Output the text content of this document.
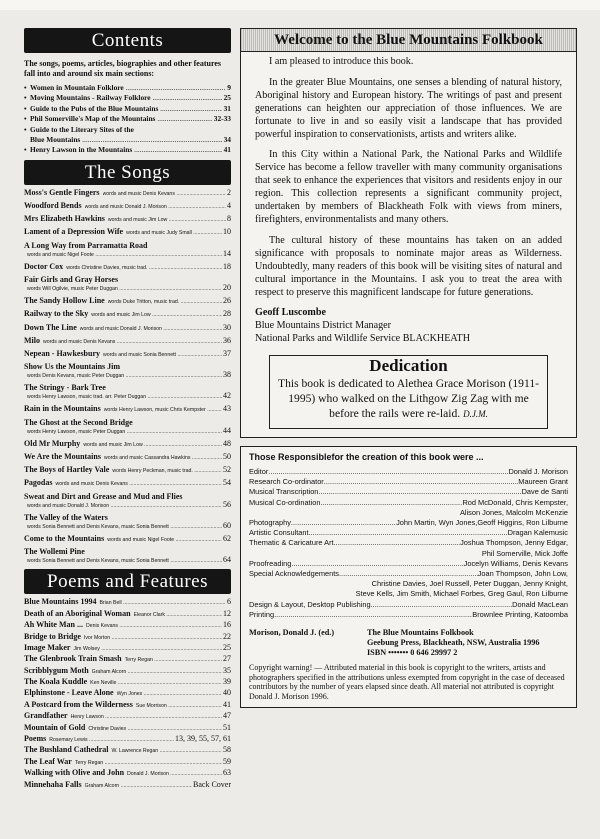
Contents
The songs, poems, articles, biographies and other features fall into and around six main sections:
• Women in Mountain Folklore .....	9
• Moving Mountains - Railway Folklore .....	25
• Guide to the Pubs of the Blue Mountains .....	31
• Phil Somerville's Map of the Mountains .....	32-33
• Guide to the Literary Sites of the
Blue Mountains .....	34
• Henry Lawson in the Mountains .....	41
The Songs
Moss's Gentle Fingers words and music Denis Kevans .....	2
Woodford Bends words and music Donald J. Morison .....	4
Mrs Elizabeth Hawkins words and music Jim Low .....	8
Lament of a Depression Wife words and music Judy Small .....	10
A Long Way from Parramatta Road
words and music Nigel Foote .....	14
Doctor Cox words Christine Davies, music trad. .....	18
Fair Girls and Gray Horses
words Will Ogilvie, music Peter Duggan .....	20
The Sandy Hollow Line words Duke Tritton, music trad. .....	26
Railway to the Sky words and music Jim Low .....	28
Down The Line words and music Donald J. Morison .....	30
Milo words and music Denis Kevans .....	36
Nepean - Hawkesbury words and music Sonia Bennett .....	37
Show Us the Mountains Jim
words Denis Kevans, music Peter Duggan .....	38
The Stringy - Bark Tree
words Henry Lawson, music trad. arr. Peter Duggan .....	42
Rain in the Mountains words Henry Lawson, music Chris Kempster .....	43
The Ghost at the Second Bridge
words Henry Lawson, music Peter Duggan .....	44
Old Mr Murphy words and music Jim Low .....	48
We Are the Mountains words and music Cassandra Hawkins .....	50
The Boys of Hartley Vale words Henry Peckman, music trad. .....	52
Pagodas words and music Denis Kevans .....	54
Sweat and Dirt and Grease and Mud and Flies
words and music Donald J. Morison .....	56
The Valley of the Waters
words Sonia Bennett and Denis Kevans, music Sonia Bennett .....	60
Come to the Mountains words and music Nigel Foote .....	62
The Wollemi Pine
words Sonia Bennett and Denis Kevans, music Sonia Bennett .....	64
Poems and Features
Blue Mountains 1994 Brian Bell .....	6
Death of an Aboriginal Woman Eleanor Clark .....	12
Ah White Man ... Denis Kevans .....	16
Bridge to Bridge Ivor Morton .....	22
Image Maker Jim Wolsey .....	25
The Glenbrook Train Smash Terry Regan .....	27
Scribblygum Moth Graham Alcorn .....	35
The Koala Kuddle Ken Neville .....	39
Elphinstone - Leave Alone Wyn Jones .....	40
A Postcard from the Wilderness Sue Morrison .....	41
Grandfather Henry Lawson .....	47
Mountain of Gold Christine Davies .....	51
Poems Rosemary Lewis .....	13, 39, 55, 57, 61
The Bushland Cathedral W. Lawrence Regan .....	58
The Leaf War Terry Regan .....	59
Walking with Olive and John Donald J. Morison .....	63
Minnehaha Falls Graham Alcorn .....	Back Cover
Welcome to the Blue Mountains Folkbook

I am pleased to introduce this book.

In the greater Blue Mountains, one senses a blending of natural history, Aboriginal history and European history. The writings of past and present generations can heighten our appreciation of those influences. We are fortunate to live in and so easily visit a landscape that has provided powerful inspiration to conservationists, artists and writers alike.

In this City within a National Park, the National Parks and Wildlife Service has become a fellow traveller with many community organisations that seek to enhance the experiences that visitors and residents enjoy in our region. This collection represents a significant community project, undertaken by members of Blackheath Folk with views from miners, firefighters, environmentalists and many others.

The cultural history of these mountains has taken on an added significance with proposals to nominate major areas as Wilderness. Undoubtedly, many readers of this book will be visiting sites of natural and cultural importance in the Mountains. I ask you to treat the area with respect to preserve this magnificent landscape for future generations.

Geoff Luscombe
Blue Mountains District Manager
National Parks and Wildlife Service BLACKHEATH
Dedication
This book is dedicated to Alethea Grace Morison (1911-1995) who walked on the Lithgow Zig Zag with me before the rails were re-laid. D.J.M.
Those Responsiblefor the creation of this book were ...
Editor .....	Donald J. Morison
Research Co-ordinator .....	Maureen Grant
Musical Transcription .....	Dave de Santi
Musical Co-ordination .....	Rod McDonald, Chris Kempster,
Alison Jones, Malcolm McKenzie
Photography .....	John Martin, Wyn Jones,Geoff Higgins, Ron Lilburne
Artistic Consultant .....	Dragan Kalemusic
Thematic & Caricature Art .....	Joshua Thompson, Jenny Edgar,
Phil Somerville, Mick Joffe
Proofreading .....	Jocelyn Williams, Denis Kevans
Special Acknowledgements .....	Joan Thompson, John Low,
Christine Davies, Joel Russell, Peter Duggan, Jenny Knight,
Steve Kells, Jim Smith, Michael Forbes, Greg Gaul, Ron Lilburne
Design & Layout, Desktop Publishing .....	Donald MacLean
Printing .....	Brownlee Printing, Katoomba
Morison, Donald J. (ed.)	The Blue Mountains Folkbook
Geebung Press, Blackheath, NSW, Australia 1996
ISBN ••••••• 0 646 29997 2
Copyright warning! — Attributed material in this book is copyright to the writers, artists and photographers specified in the attributions unless exempted from copyright in the case of deceased contributors by the number of years elapsed since death. All material not attributed is copyright Donald J. Morison 1996.
